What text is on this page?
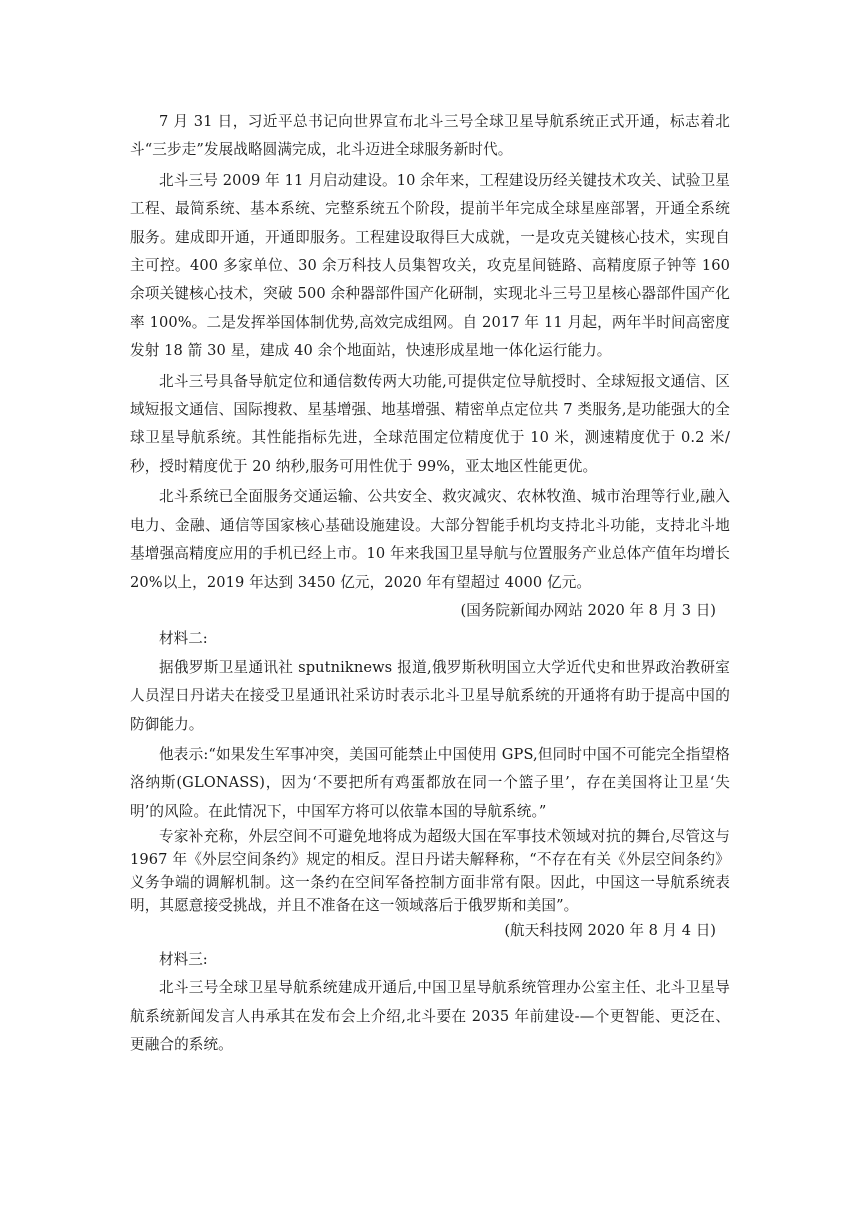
7 月 31 日，习近平总书记向世界宣布北斗三号全球卫星导航系统正式开通，标志着北斗“三步走”发展战略圆满完成，北斗迈进全球服务新时代。

北斗三号 2009 年 11 月启动建设。10 余年来，工程建设历经关键技术攻关、试验卫星工程、最简系统、基本系统、完整系统五个阶段，提前半年完成全球星座部署，开通全系统服务。建成即开通，开通即服务。工程建设取得巨大成就，一是攻克关键核心技术，实现自主可控。400 多家单位、30 余万科技人员集智攻关，攻克星间链路、高精度原子钟等 160 余项关键核心技术，突破 500 余种器部件国产化研制，实现北斗三号卫星核心器部件国产化率 100%。二是发挥举国体制优势,高效完成组网。自 2017 年 11 月起，两年半时间高密度发射 18 箭 30 星，建成 40 余个地面站，快速形成星地一体化运行能力。

北斗三号具备导航定位和通信数传两大功能,可提供定位导航授时、全球短报文通信、区域短报文通信、国际搜救、星基增强、地基增强、精密单点定位共 7 类服务,是功能强大的全球卫星导航系统。其性能指标先进，全球范围定位精度优于 10 米，测速精度优于 0.2 米/秒，授时精度优于 20 纳秒,服务可用性优于 99%，亚太地区性能更优。

北斗系统已全面服务交通运输、公共安全、救灾减灾、农林牧渔、城市治理等行业,融入电力、金融、通信等国家核心基础设施建设。大部分智能手机均支持北斗功能，支持北斗地基增强高精度应用的手机已经上市。10 年来我国卫星导航与位置服务产业总体产值年均增长 20%以上，2019 年达到 3450 亿元，2020 年有望超过 4000 亿元。

(国务院新闻办网站 2020 年 8 月 3 日)

材料二:

据俄罗斯卫星通讯社 sputniknews 报道,俄罗斯秋明国立大学近代史和世界政治教研室人员涅日丹诺夫在接受卫星通讯社采访时表示北斗卫星导航系统的开通将有助于提高中国的防御能力。

他表示:“如果发生军事冲突，美国可能禁止中国使用 GPS,但同时中国不可能完全指望格洛纳斯(GLONASS)，因为‘不要把所有鸡蛋都放在同一个篮子里’，存在美国将让卫星‘失明’的风险。在此情况下，中国军方将可以依靠本国的导航系统。”

专家补充称，外层空间不可避免地将成为超级大国在军事技术领域对抗的舞台,尽管这与 1967 年《外层空间条约》规定的相反。涅日丹诺夫解释称，“不存在有关《外层空间条约》义务争端的调解机制。这一条约在空间军备控制方面非常有限。因此，中国这一导航系统表明，其愿意接受挑战，并且不准备在这一领域落后于俄罗斯和美国”。

(航天科技网 2020 年 8 月 4 日)

材料三:

北斗三号全球卫星导航系统建成开通后,中国卫星导航系统管理办公室主任、北斗卫星导航系统新闻发言人冉承其在发布会上介绍,北斗要在 2035 年前建设-—个更智能、更泛在、更融合的系统。
